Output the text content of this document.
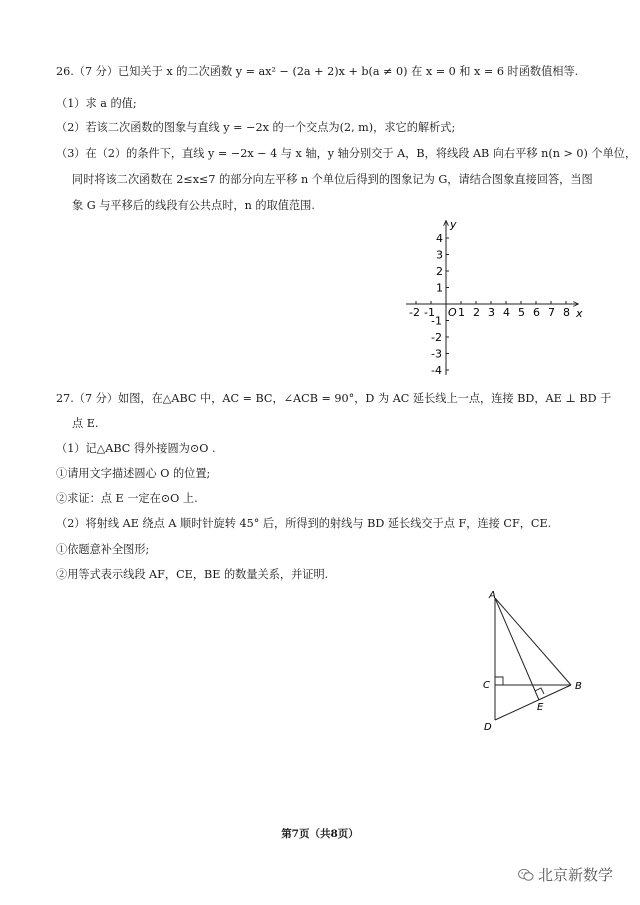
26.（7 分）已知关于 x 的二次函数 y = ax² − (2a + 2)x + b(a ≠ 0) 在 x = 0 和 x = 6 时函数值相等.
（1）求 a 的值;
（2）若该二次函数的图象与直线 y = −2x 的一个交点为(2, m)，求它的解析式;
（3）在（2）的条件下，直线 y = −2x − 4 与 x 轴，y 轴分别交于 A，B，将线段 AB 向右平移 n(n > 0) 个单位，
同时将该二次函数在 2≤x≤7 的部分向左平移 n 个单位后得到的图象记为 G，请结合图象直接回答，当图
象 G 与平移后的线段有公共点时，n 的取值范围.
y
x
O
-2 -1 1 2 3 4 5 6 7 8
4
3
2
1
-1
-2
-3
-4
27.（7 分）如图，在△ABC 中，AC = BC，∠ACB = 90°，D 为 AC 延长线上一点，连接 BD，AE ⊥ BD 于
点 E.
（1）记△ABC 得外接圆为⊙O .
①请用文字描述圆心 O 的位置;
②求证：点 E 一定在⊙O 上.
（2）将射线 AE 绕点 A 顺时针旋转 45° 后，所得到的射线与 BD 延长线交于点 F，连接 CF，CE.
①依题意补全图形;
②用等式表示线段 AF，CE，BE 的数量关系，并证明.
A
C	B
E
D
第7页（共8页）
北京新数学
